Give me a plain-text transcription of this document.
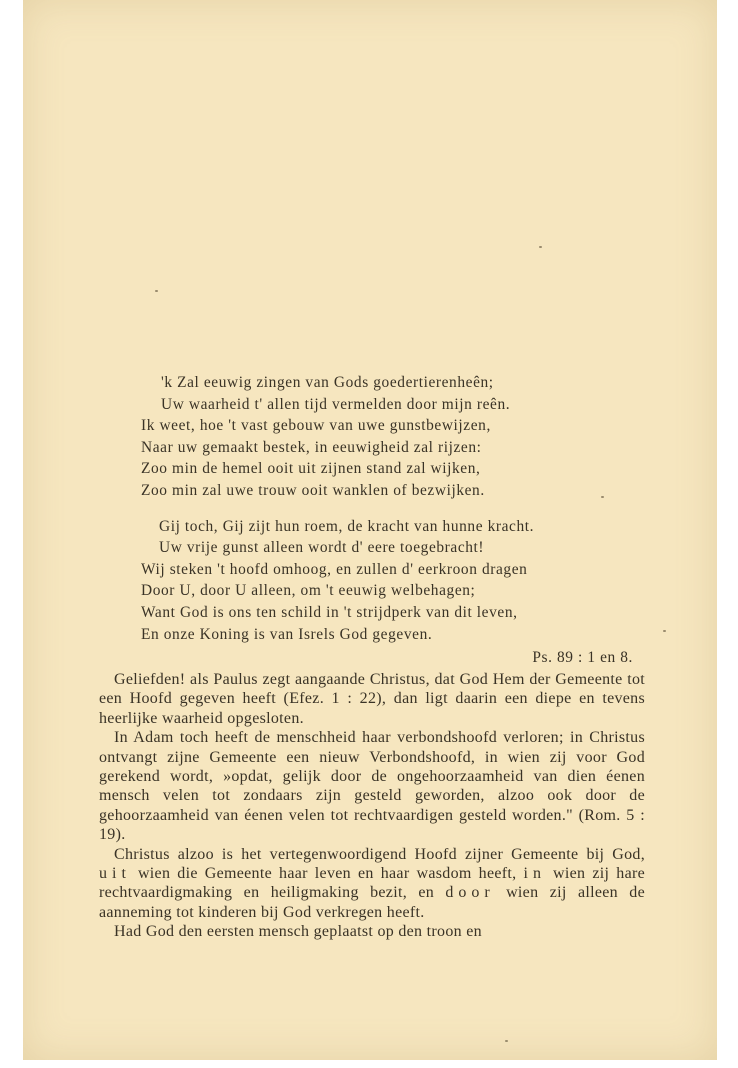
'k Zal eeuwig zingen van Gods goedertierenheên;
Uw waarheid t' allen tijd vermelden door mijn reên.
Ik weet, hoe 't vast gebouw van uwe gunstbewijzen,
Naar uw gemaakt bestek, in eeuwigheid zal rijzen:
Zoo min de hemel ooit uit zijnen stand zal wijken,
Zoo min zal uwe trouw ooit wanklen of bezwijken.
Gij toch, Gij zijt hun roem, de kracht van hunne kracht.
Uw vrije gunst alleen wordt d' eere toegebracht!
Wij steken 't hoofd omhoog, en zullen d' eerkroon dragen
Door U, door U alleen, om 't eeuwig welbehagen;
Want God is ons ten schild in 't strijdperk van dit leven,
En onze Koning is van Isrels God gegeven.
Ps. 89 : 1 en 8.

Geliefden! als Paulus zegt aangaande Christus, dat God Hem der Gemeente tot een Hoofd gegeven heeft (Efez. 1 : 22), dan ligt daarin een diepe en tevens heerlijke waarheid opgesloten.

In Adam toch heeft de menschheid haar verbondshoofd verloren; in Christus ontvangt zijne Gemeente een nieuw Verbondshoofd, in wien zij voor God gerekend wordt, »opdat, gelijk door de ongehoorzaamheid van dien éenen mensch velen tot zondaars zijn gesteld geworden, alzoo ook door de gehoorzaamheid van éenen velen tot rechtvaardigen gesteld worden." (Rom. 5 : 19).

Christus alzoo is het vertegenwoordigend Hoofd zijner Gemeente bij God, uit wien die Gemeente haar leven en haar wasdom heeft, in wien zij hare rechtvaardigmaking en heiligmaking bezit, en door wien zij alleen de aanneming tot kinderen bij God verkregen heeft.

Had God den eersten mensch geplaatst op den troon en
